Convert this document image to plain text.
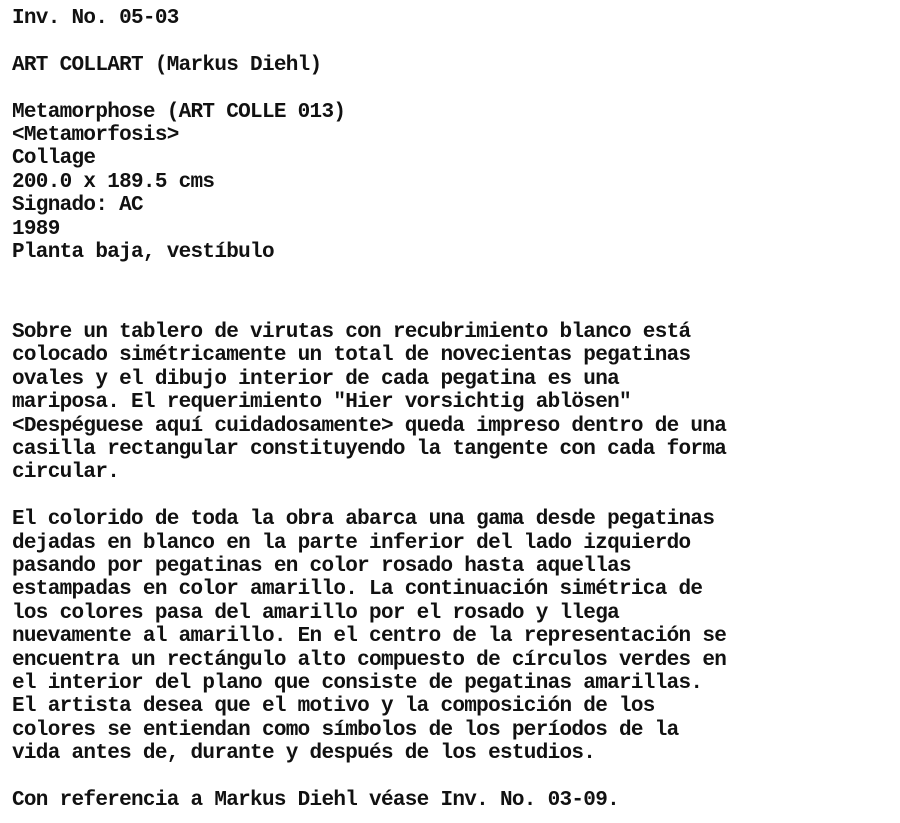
Inv. No. 05-03
ART COLLART (Markus Diehl)
Metamorphose (ART COLLE 013)
<Metamorfosis>
Collage
200.0 x 189.5 cms
Signado: AC
1989
Planta baja, vestíbulo
Sobre un tablero de virutas con recubrimiento blanco está
colocado simétricamente un total de novecientas pegatinas
ovales y el dibujo interior de cada pegatina es una
mariposa. El requerimiento "Hier vorsichtig ablösen"
<Despéguese aquí cuidadosamente> queda impreso dentro de una
casilla rectangular constituyendo la tangente con cada forma
circular.
El colorido de toda la obra abarca una gama desde pegatinas
dejadas en blanco en la parte inferior del lado izquierdo
pasando por pegatinas en color rosado hasta aquellas
estampadas en color amarillo. La continuación simétrica de
los colores pasa del amarillo por el rosado y llega
nuevamente al amarillo. En el centro de la representación se
encuentra un rectángulo alto compuesto de círculos verdes en
el interior del plano que consiste de pegatinas amarillas.
El artista desea que el motivo y la composición de los
colores se entiendan como símbolos de los períodos de la
vida antes de, durante y después de los estudios.
Con referencia a Markus Diehl véase Inv. No. 03-09.
